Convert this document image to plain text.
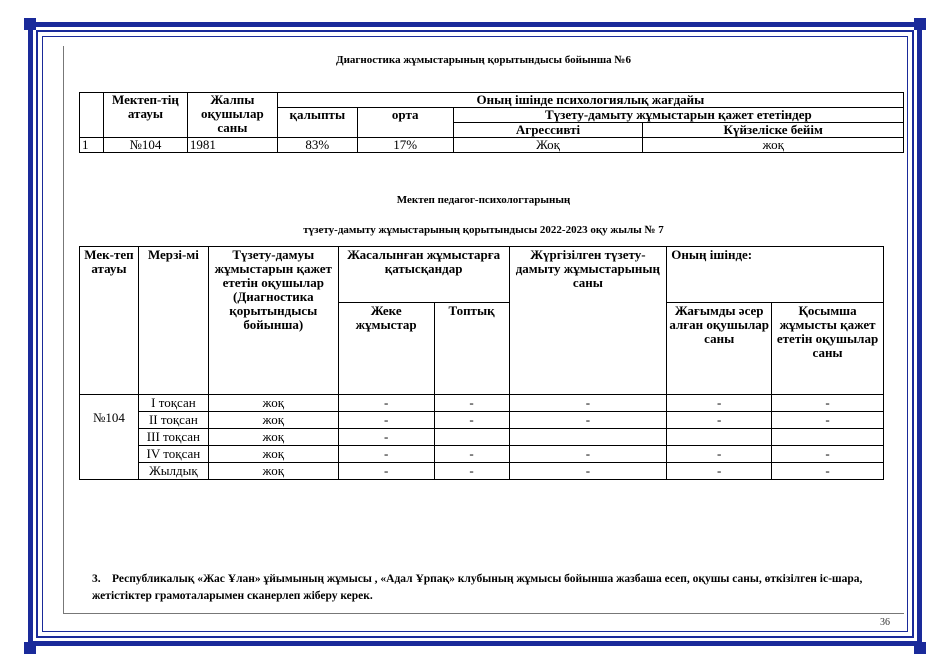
Диагностика жұмыстарының қорытындысы бойынша №6
	Мектеп-тің атауы	Жалпы оқушылар саны	Оның ішінде психологиялық жағдайы			
			қалыпты	орта	Түзету-дамыту жұмыстарын қажет ететіндер	
					Агрессивті	Күйзеліске бейім
1	№104	1981	83%	17%	Жоқ	жоқ
Мектеп педагог-психологтарының
түзету-дамыту жұмыстарының қорытындысы 2022-2023 оқу жылы № 7
Мек-теп атауы	Мерзі-мі	Түзету-дамуы жұмыстарын қажет ететін оқушылар (Диагностика қорытындысы бойынша)	Жасалынған жұмыстарға қатысқандар		Жүргізілген түзету-дамыту жұмыстарының саны	Оның ішінде:	
			Жеке жұмыстар	Топтық		Жағымды әсер алған оқушылар саны	Қосымша жұмысты қажет ететін оқушылар саны

№104	І тоқсан	жоқ	-	-	-	-	-
	ІІ тоқсан	жоқ	-	-	-	-	-
	ІІІ тоқсан	жоқ	-				
	ІV тоқсан	жоқ	-	-	-	-	-
	Жылдық	жоқ	-	-	-	-	-
3. Республикалық «Жас Ұлан» ұйымының жұмысы , «Адал Ұрпақ» клубының жұмысы бойынша жазбаша есеп, оқушы саны, өткізілген іс-шара, жетістіктер грамоталарымен сканерлеп жіберу керек.
36
